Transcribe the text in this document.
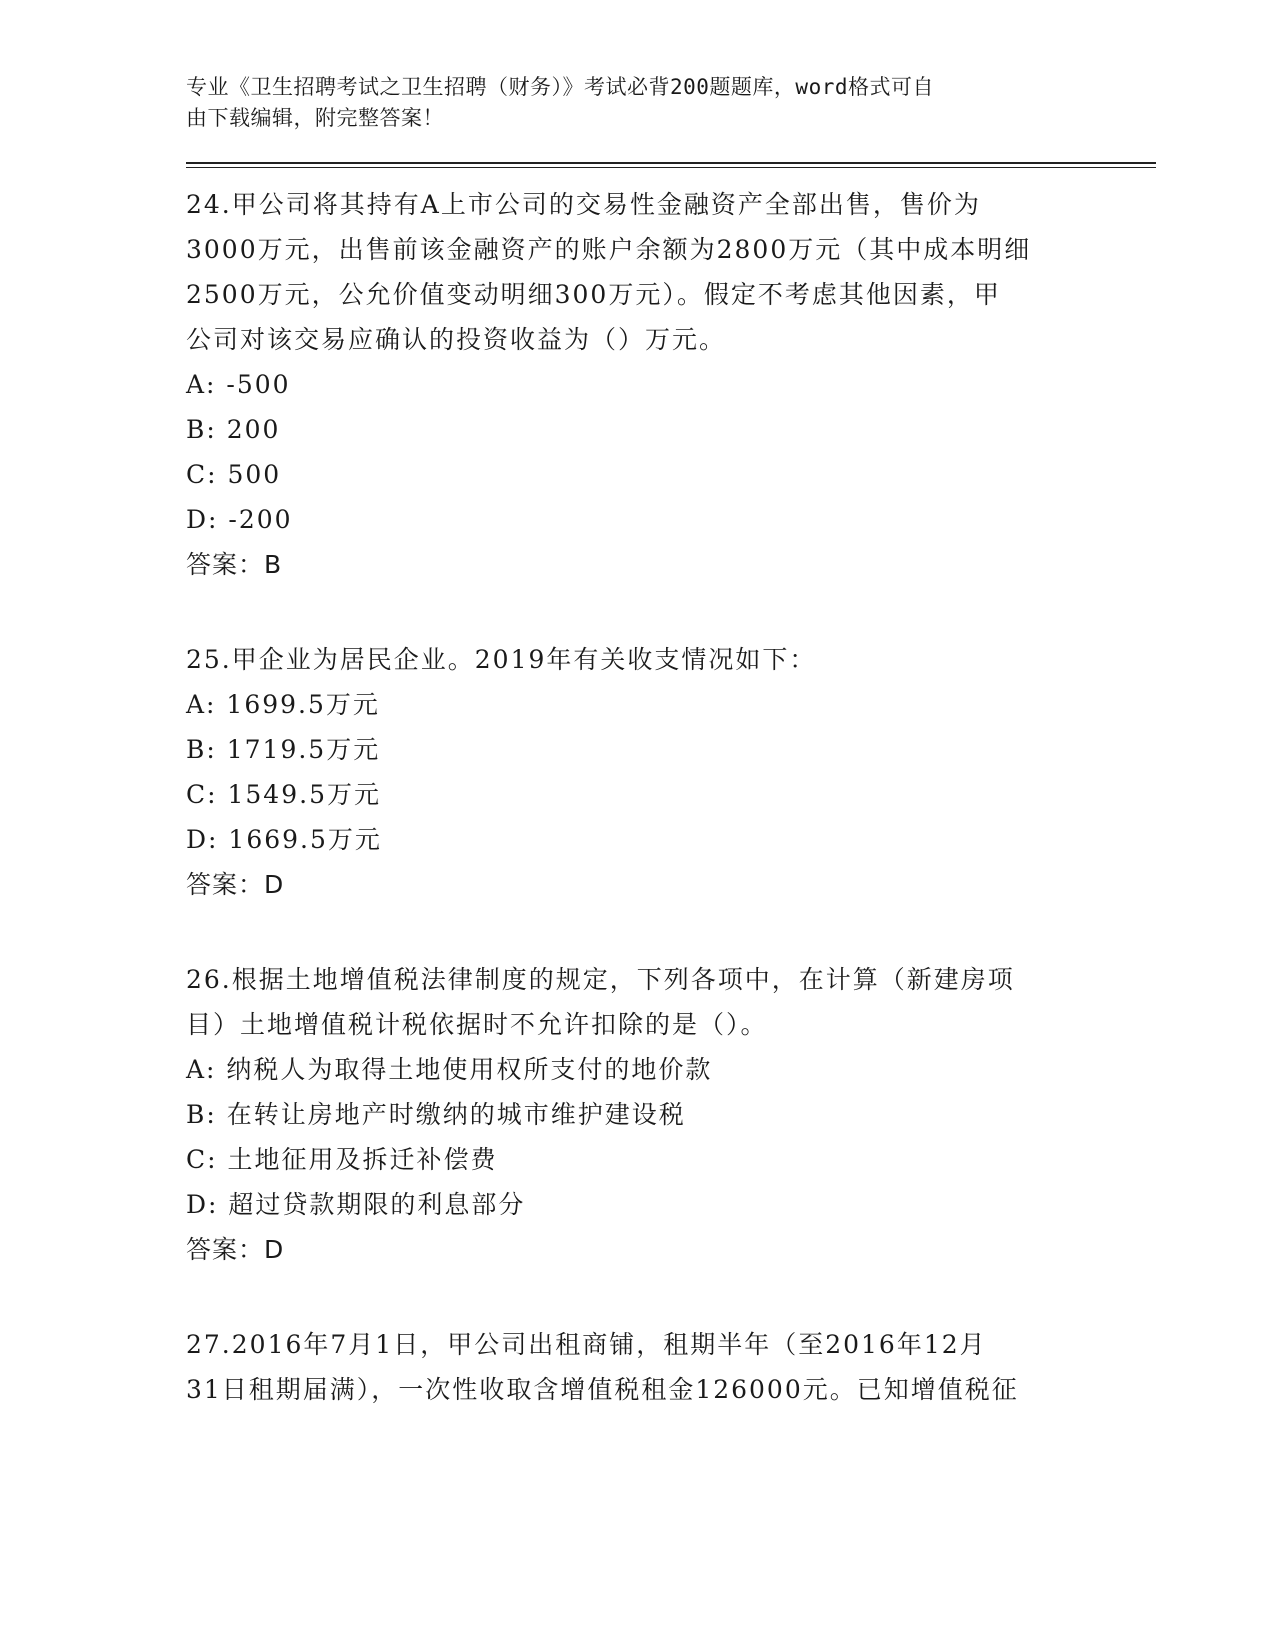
专业《卫生招聘考试之卫生招聘（财务）》考试必背200题题库，word格式可自
由下载编辑，附完整答案！

24.甲公司将其持有A上市公司的交易性金融资产全部出售，售价为

3000万元，出售前该金融资产的账户余额为2800万元（其中成本明细

2500万元，公允价值变动明细300万元）。假定不考虑其他因素，甲

公司对该交易应确认的投资收益为（）万元。

A: -500

B: 200

C: 500

D: -200

答案：B

25.甲企业为居民企业。2019年有关收支情况如下：

A: 1699.5万元

B: 1719.5万元

C: 1549.5万元

D: 1669.5万元

答案：D

26.根据土地增值税法律制度的规定，下列各项中，在计算（新建房项

目）土地增值税计税依据时不允许扣除的是（）。

A: 纳税人为取得土地使用权所支付的地价款

B: 在转让房地产时缴纳的城市维护建设税

C: 土地征用及拆迁补偿费

D: 超过贷款期限的利息部分

答案：D

27.2016年7月1日，甲公司出租商铺，租期半年（至2016年12月

31日租期届满），一次性收取含增值税租金126000元。已知增值税征
